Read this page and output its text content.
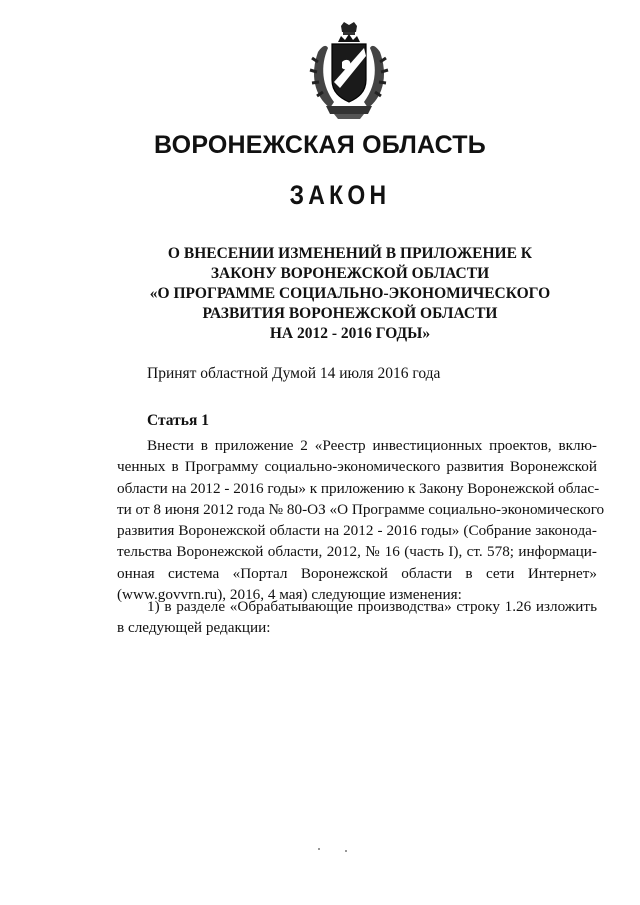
ВОРОНЕЖСКАЯ ОБЛАСТЬ
ЗАКОН
О ВНЕСЕНИИ ИЗМЕНЕНИЙ В ПРИЛОЖЕНИЕ К
ЗАКОНУ ВОРОНЕЖСКОЙ ОБЛАСТИ
«О ПРОГРАММЕ СОЦИАЛЬНО-ЭКОНОМИЧЕСКОГО
РАЗВИТИЯ ВОРОНЕЖСКОЙ ОБЛАСТИ
НА 2012 - 2016 ГОДЫ»
Принят областной Думой 14 июля 2016 года
Статья 1
Внести в приложение 2 «Реестр инвестиционных проектов, вклю-
ченных в Программу социально-экономического развития Воронежской
области на 2012 - 2016 годы» к приложению к Закону Воронежской облас-
ти от 8 июня 2012 года № 80-ОЗ «О Программе социально-экономического
развития Воронежской области на 2012 - 2016 годы» (Собрание законода-
тельства Воронежской области, 2012, № 16 (часть I), ст. 578; информаци-
онная система «Портал Воронежской области в сети Интернет»
(www.govvrn.ru), 2016, 4 мая) следующие изменения:
1) в разделе «Обрабатывающие производства» строку 1.26 изложить
в следующей редакции:
